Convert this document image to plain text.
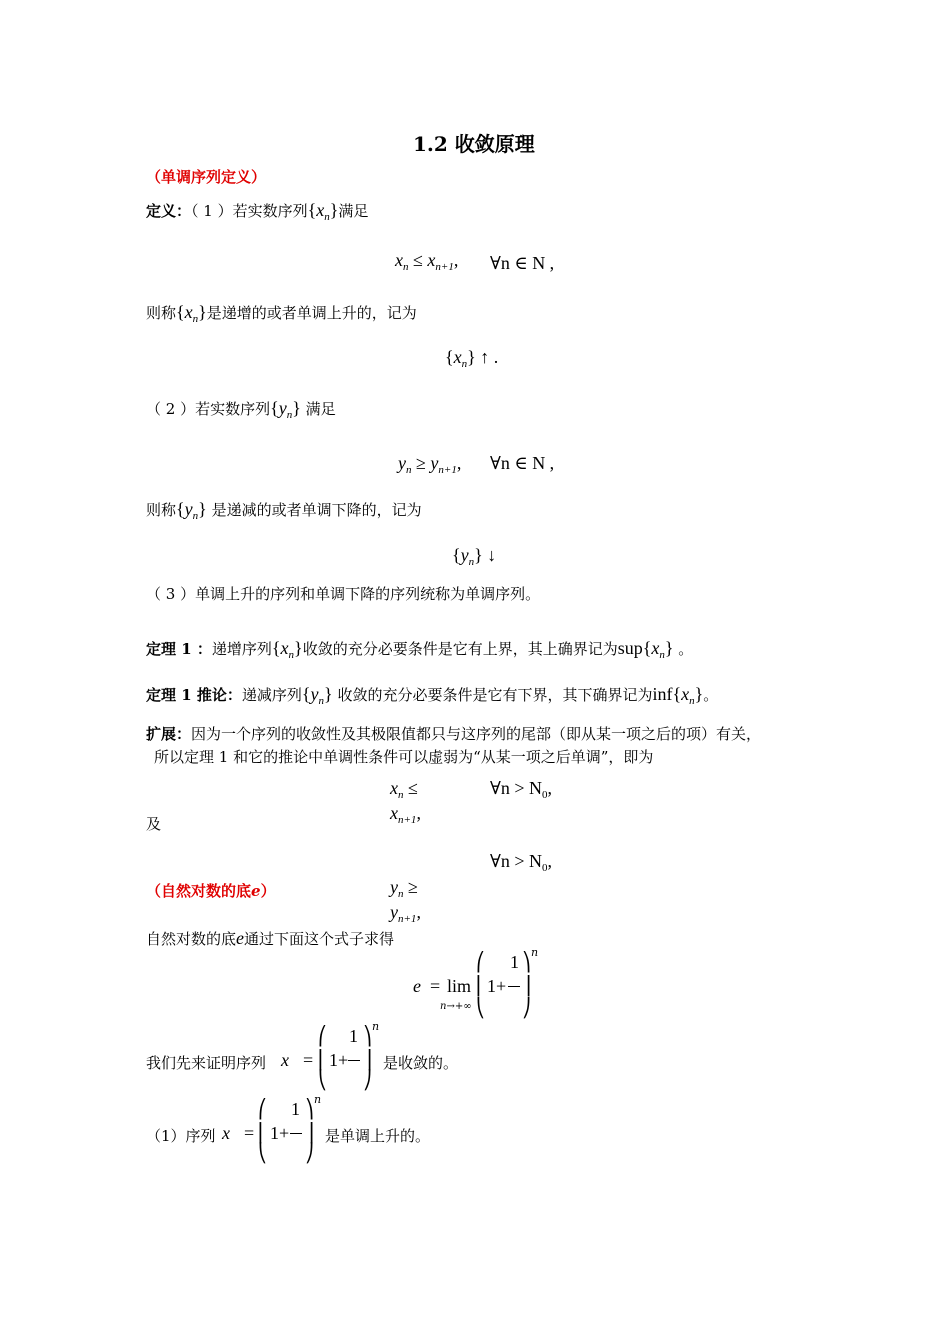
1.2 收敛原理
（单调序列定义）
定义：（ 1 ）若实数序列$\{x_n\}$满足
$x_n \le x_{n+1}$, ∀n ∈ N ,
则称$\{x_n\}$是递增的或者单调上升的，记为
$\{x_n\}$ ↑ .
（ 2 ）若实数序列$\{y_n\}$ 满足
$y_n \ge y_{n+1}$, ∀n ∈ N ,
则称$\{y_n\}$ 是递减的或者单调下降的，记为
$\{y_n\}$ ↓
（ 3 ）单调上升的序列和单调下降的序列统称为单调序列。
定理 1 ：递增序列$\{x_n\}$收敛的充分必要条件是它有上界，其上确界记为$sup\{x_n\}$ 。
定理 1 推论：递减序列$\{y_n\}$ 收敛的充分必要条件是它有下界，其下确界记为$inf\{x_n\}$。
扩展：因为一个序列的收敛性及其极限值都只与这序列的尾部（即从某一项之后的项）有关，
所以定理 1 和它的推论中单调性条件可以虚弱为“从某一项之后单调”，即为
$x_n$ ≤
$x_{n+1}$,
∀n > $N_0$,
及
∀n > $N_0$,
$y_n$ ≥
$y_{n+1}$,
（自然对数的底e）
自然对数的底e通过下面这个式子求得
e = lim
n→+∞
⎛
⎜
⎝
1
1+
⎞
⎟
⎠
n
我们先来证明序列 x =
⎛
⎜
⎝
1
1+
⎞
⎟
⎠
n
是收敛的。
（1）序列 x =
⎛
⎜
⎝
1
1+
⎞
⎟
⎠
n
是单调上升的。
